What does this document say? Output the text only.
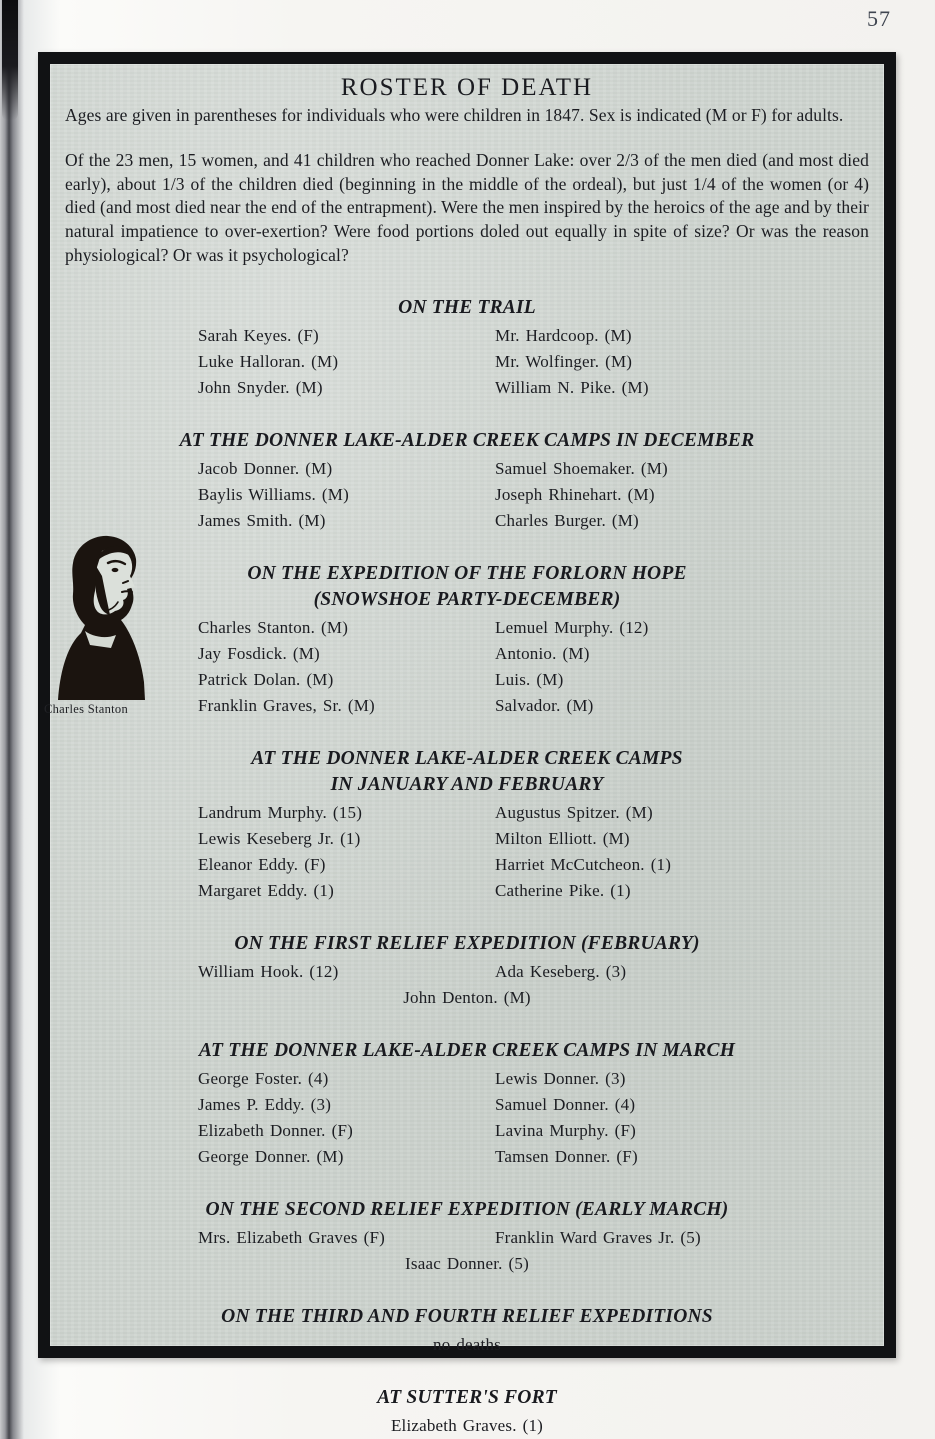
57
ROSTER OF DEATH

Ages are given in parentheses for individuals who were children in 1847. Sex is indicated (M or F) for adults.

Of the 23 men, 15 women, and 41 children who reached Donner Lake: over 2/3 of the men died (and most died early), about 1/3 of the children died (beginning in the middle of the ordeal), but just 1/4 of the women (or 4) died (and most died near the end of the entrapment). Were the men inspired by the heroics of the age and by their natural impatience to over-exertion? Were food portions doled out equally in spite of size? Or was the reason physiological? Or was it psychological?

ON THE TRAIL
Sarah Keyes. (F)	Mr. Hardcoop. (M)
Luke Halloran. (M)	Mr. Wolfinger. (M)
John Snyder. (M)	William N. Pike. (M)
AT THE DONNER LAKE-ALDER CREEK CAMPS IN DECEMBER
Jacob Donner. (M)	Samuel Shoemaker. (M)
Baylis Williams. (M)	Joseph Rhinehart. (M)
James Smith. (M)	Charles Burger. (M)
ON THE EXPEDITION OF THE FORLORN HOPE
(SNOWSHOE PARTY-DECEMBER)
Charles Stanton. (M)	Lemuel Murphy. (12)
Jay Fosdick. (M)	Antonio. (M)
Patrick Dolan. (M)	Luis. (M)
Franklin Graves, Sr. (M)	Salvador. (M)
AT THE DONNER LAKE-ALDER CREEK CAMPS
IN JANUARY AND FEBRUARY
Landrum Murphy. (15)	Augustus Spitzer. (M)
Lewis Keseberg Jr. (1)	Milton Elliott. (M)
Eleanor Eddy. (F)	Harriet McCutcheon. (1)
Margaret Eddy. (1)	Catherine Pike. (1)
ON THE FIRST RELIEF EXPEDITION (FEBRUARY)
William Hook. (12)	Ada Keseberg. (3)
John Denton. (M)
AT THE DONNER LAKE-ALDER CREEK CAMPS IN MARCH
George Foster. (4)	Lewis Donner. (3)
James P. Eddy. (3)	Samuel Donner. (4)
Elizabeth Donner. (F)	Lavina Murphy. (F)
George Donner. (M)	Tamsen Donner. (F)
ON THE SECOND RELIEF EXPEDITION (EARLY MARCH)
Mrs. Elizabeth Graves (F)	Franklin Ward Graves Jr. (5)
Isaac Donner. (5)
ON THE THIRD AND FOURTH RELIEF EXPEDITIONS
no deaths
AT SUTTER'S FORT
Elizabeth Graves. (1)
Charles Stanton
